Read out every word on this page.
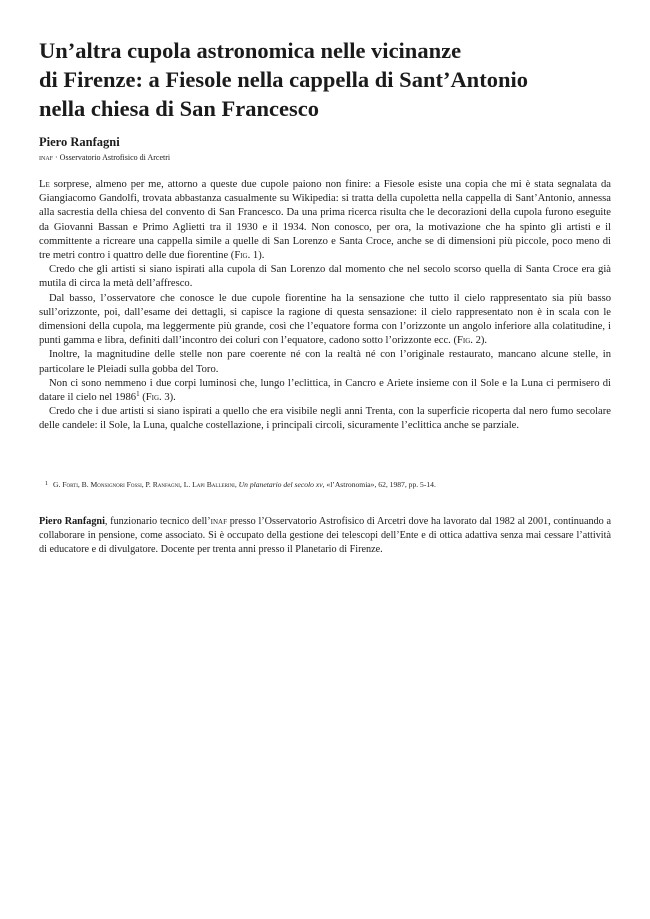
Un’altra cupola astronomica nelle vicinanze
di Firenze: a Fiesole nella cappella di Sant’Antonio
nella chiesa di San Francesco
Piero Ranfagni
inaf · Osservatorio Astrofisico di Arcetri

Le sorprese, almeno per me, attorno a queste due cupole paiono non finire: a Fiesole esiste una copia che mi è stata segnalata da Giangiacomo Gandolfi, trovata abbastanza casualmente su Wikipedia: si tratta della cupoletta nella cappella di Sant’Antonio, annessa alla sacrestia della chiesa del convento di San Francesco. Da una prima ricerca risulta che le decorazioni della cupola furono eseguite da Giovanni Bassan e Primo Aglietti tra il 1930 e il 1934. Non conosco, per ora, la motivazione che ha spinto gli artisti e il committente a ricreare una cappella simile a quelle di San Lorenzo e Santa Croce, anche se di dimensioni più piccole, poco meno di tre metri contro i quattro delle due fiorentine (Fig. 1).

Credo che gli artisti si siano ispirati alla cupola di San Lorenzo dal momento che nel secolo scorso quella di Santa Croce era già mutila di circa la metà dell’affresco.

Dal basso, l’osservatore che conosce le due cupole fiorentine ha la sensazione che tutto il cielo rappresentato sia più basso sull’orizzonte, poi, dall’esame dei dettagli, si capisce la ragione di questa sensazione: il cielo rappresentato non è in scala con le dimensioni della cupola, ma leggermente più grande, così che l’equatore forma con l’orizzonte un angolo inferiore alla colatitudine, i punti gamma e libra, definiti dall’incontro dei coluri con l’equatore, cadono sotto l’orizzonte ecc. (Fig. 2).

Inoltre, la magnitudine delle stelle non pare coerente né con la realtà né con l’originale restaurato, mancano alcune stelle, in particolare le Pleiadi sulla gobba del Toro.

Non ci sono nemmeno i due corpi luminosi che, lungo l’eclittica, in Cancro e Ariete insieme con il Sole e la Luna ci permisero di datare il cielo nel 1986$^1$ (Fig. 3).

Credo che i due artisti si siano ispirati a quello che era visibile negli anni Trenta, con la superficie ricoperta dal nero fumo secolare delle candele: il Sole, la Luna, qualche costellazione, i principali circoli, sicuramente l’eclittica anche se parziale.

$^1$ G. Forti, B. Monsignori Fossi, P. Ranfagni, L. Lapi Ballerini, Un planetario del secolo xv, «l’Astronomia», 62, 1987, pp. 5-14.

Piero Ranfagni, funzionario tecnico dell’inaf presso l’Osservatorio Astrofisico di Arcetri dove ha lavorato dal 1982 al 2001, continuando a collaborare in pensione, come associato. Si è occupato della gestione dei telescopi dell’Ente e di ottica adattiva senza mai cessare l’attività di educatore e di divulgatore. Docente per trenta anni presso il Planetario di Firenze.
